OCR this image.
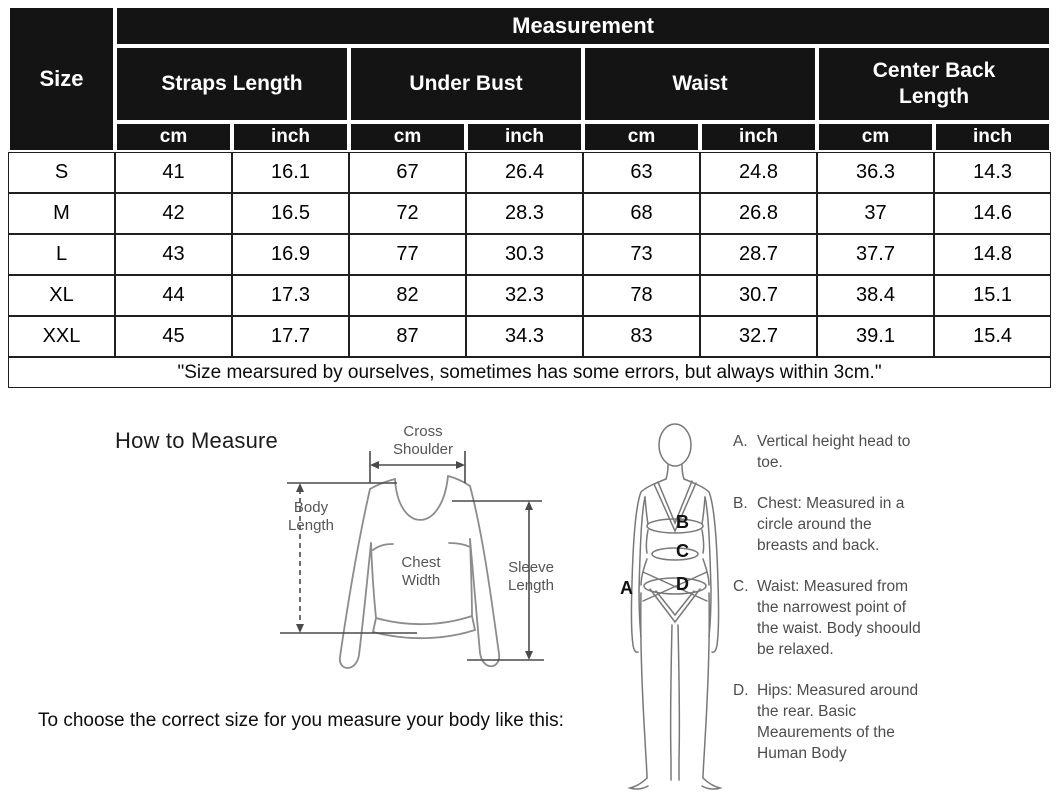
Size	Measurement							
	Straps Length		Under Bust		Waist		Center Back Length	
	cm	inch	cm	inch	cm	inch	cm	inch
S	41	16.1	67	26.4	63	24.8	36.3	14.3
M	42	16.5	72	28.3	68	26.8	37	14.6
L	43	16.9	77	30.3	73	28.7	37.7	14.8
XL	44	17.3	82	32.3	78	30.7	38.4	15.1
XXL	45	17.7	87	34.3	83	32.7	39.1	15.4
"Size mearsured by ourselves, sometimes has some errors, but always within 3cm."								
How to Measure	Cross Shoulder
Body Length
Chest Width
Sleeve Length
B
C
D
A
A. Vertical height head to toe.
B. Chest: Measured in a circle around the breasts and back.
C. Waist: Measured from the narrowest point of the waist. Body shoould be relaxed.
D. Hips: Measured around the rear. Basic Meaurements of the Human Body
To choose the correct size for you measure your body like this:
